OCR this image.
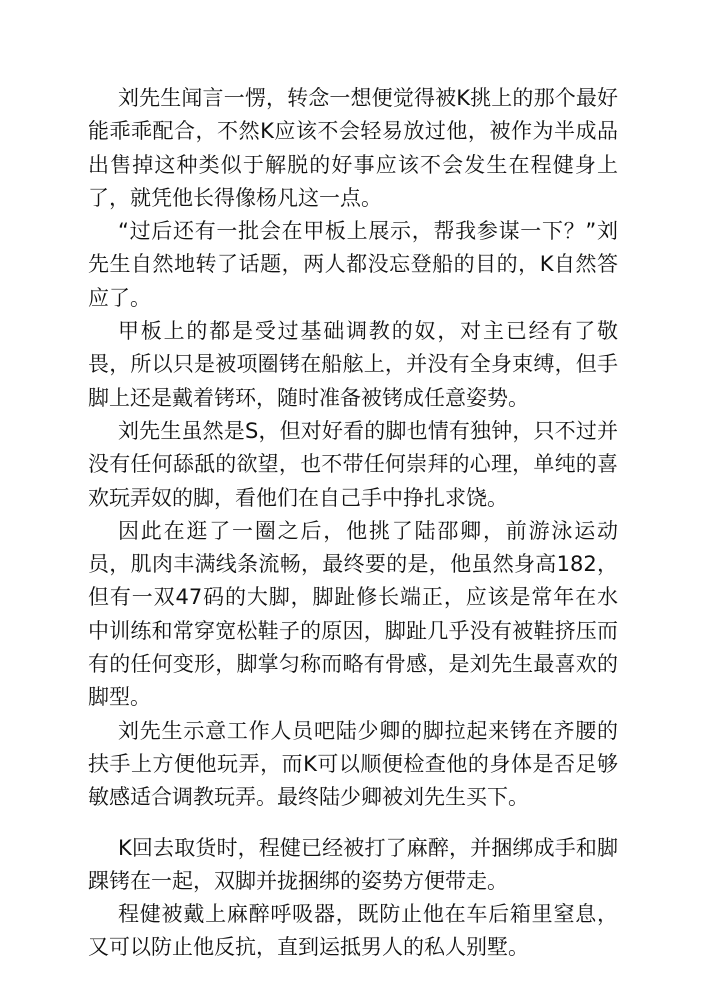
刘先生闻言一愣，转念一想便觉得被K挑上的那个最好能乖乖配合，不然K应该不会轻易放过他，被作为半成品出售掉这种类似于解脱的好事应该不会发生在程健身上了，就凭他长得像杨凡这一点。

“过后还有一批会在甲板上展示，帮我参谋一下？”刘先生自然地转了话题，两人都没忘登船的目的，K自然答应了。

甲板上的都是受过基础调教的奴，对主已经有了敬畏，所以只是被项圈铐在船舷上，并没有全身束缚，但手脚上还是戴着铐环，随时准备被铐成任意姿势。

刘先生虽然是S，但对好看的脚也情有独钟，只不过并没有任何舔舐的欲望，也不带任何崇拜的心理，单纯的喜欢玩弄奴的脚，看他们在自己手中挣扎求饶。

因此在逛了一圈之后，他挑了陆邵卿，前游泳运动员，肌肉丰满线条流畅，最终要的是，他虽然身高182，但有一双47码的大脚，脚趾修长端正，应该是常年在水中训练和常穿宽松鞋子的原因，脚趾几乎没有被鞋挤压而有的任何变形，脚掌匀称而略有骨感，是刘先生最喜欢的脚型。

刘先生示意工作人员吧陆少卿的脚拉起来铐在齐腰的扶手上方便他玩弄，而K可以顺便检查他的身体是否足够敏感适合调教玩弄。最终陆少卿被刘先生买下。

K回去取货时，程健已经被打了麻醉，并捆绑成手和脚踝铐在一起，双脚并拢捆绑的姿势方便带走。

程健被戴上麻醉呼吸器，既防止他在车后箱里窒息，又可以防止他反抗，直到运抵男人的私人别墅。
